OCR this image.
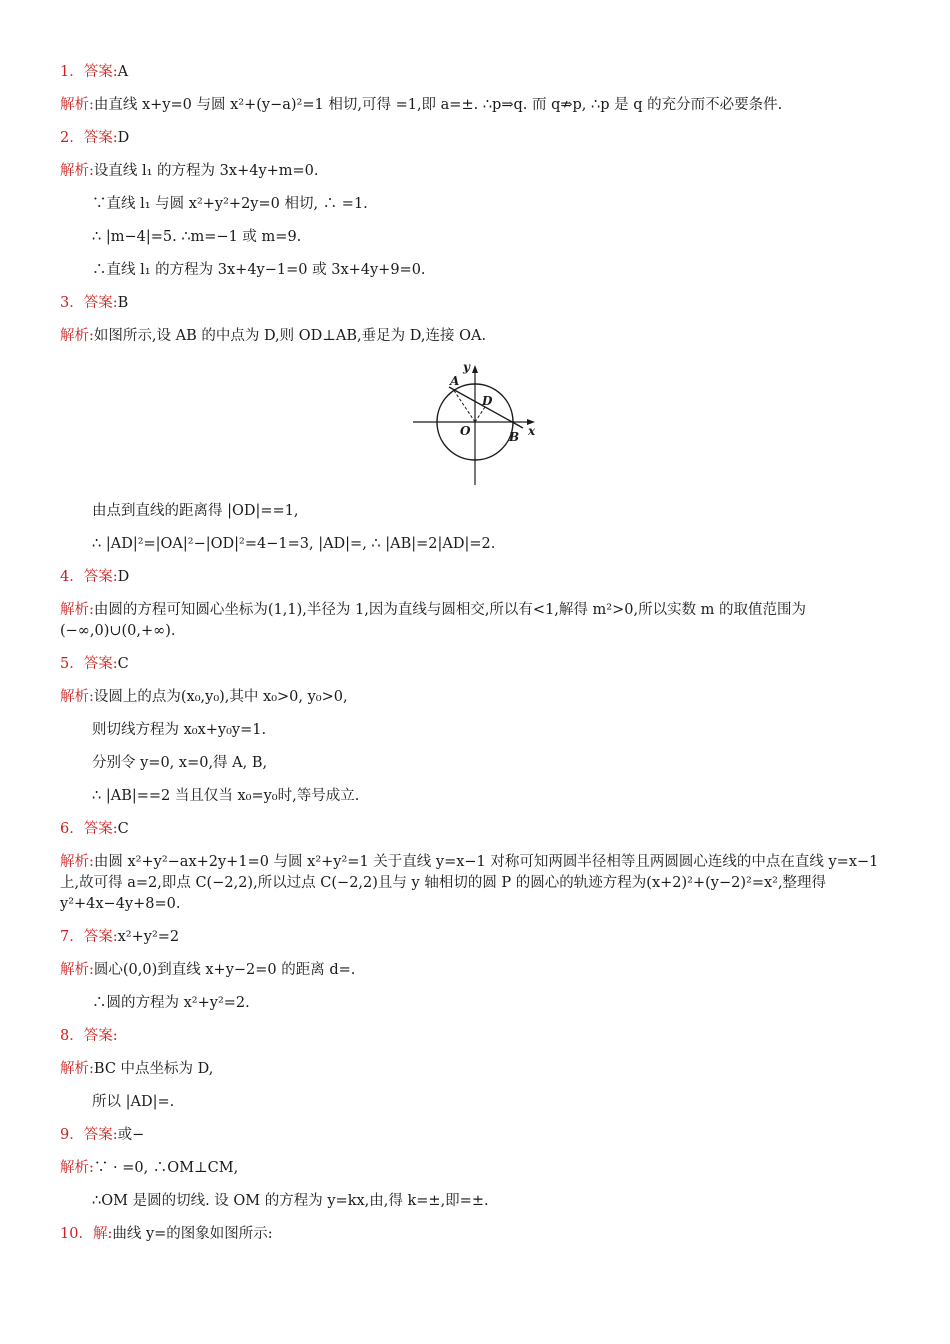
1．答案:A
解析:由直线 x+y=0 与圆 x²+(y−a)²=1 相切,可得 =1,即 a=±. ∴p⇒q. 而 q⇏p, ∴p 是 q 的充分而不必要条件.
2．答案:D
解析:设直线 l₁ 的方程为 3x+4y+m=0.
∵直线 l₁ 与圆 x²+y²+2y=0 相切, ∴ =1.
∴ |m−4|=5. ∴m=−1 或 m=9.
∴直线 l₁ 的方程为 3x+4y−1=0 或 3x+4y+9=0.
3．答案:B
解析:如图所示,设 AB 的中点为 D,则 OD⊥AB,垂足为 D,连接 OA.
y
x
A
D
O	B
由点到直线的距离得 |OD|==1,
∴ |AD|²=|OA|²−|OD|²=4−1=3, |AD|=, ∴ |AB|=2|AD|=2.
4．答案:D
解析:由圆的方程可知圆心坐标为(1,1),半径为 1,因为直线与圆相交,所以有<1,解得 m²>0,所以实数 m 的取值范围为(−∞,0)∪(0,+∞).
5．答案:C
解析:设圆上的点为(x₀,y₀),其中 x₀>0, y₀>0,
则切线方程为 x₀x+y₀y=1.
分别令 y=0, x=0,得 A, B,
∴ |AB|==2 当且仅当 x₀=y₀时,等号成立.
6．答案:C
解析:由圆 x²+y²−ax+2y+1=0 与圆 x²+y²=1 关于直线 y=x−1 对称可知两圆半径相等且两圆圆心连线的中点在直线 y=x−1 上,故可得 a=2,即点 C(−2,2),所以过点 C(−2,2)且与 y 轴相切的圆 P 的圆心的轨迹方程为(x+2)²+(y−2)²=x²,整理得 y²+4x−4y+8=0.
7．答案:x²+y²=2
解析:圆心(0,0)到直线 x+y−2=0 的距离 d=.
∴圆的方程为 x²+y²=2.
8．答案:
解析:BC 中点坐标为 D,
所以 |AD|=.
9．答案:或−
解析:∵ · =0, ∴OM⊥CM,
∴OM 是圆的切线. 设 OM 的方程为 y=kx,由,得 k=±,即=±.
10．解:曲线 y=的图象如图所示:
